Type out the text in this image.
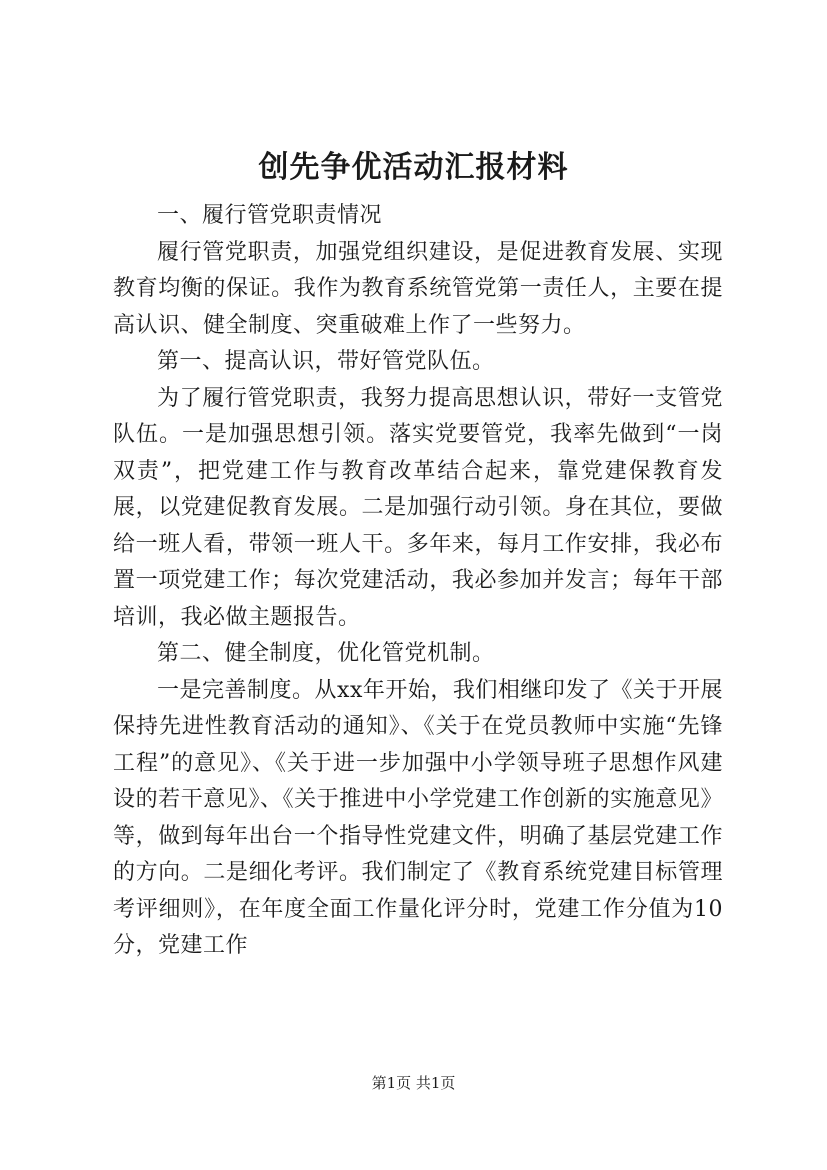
创先争优活动汇报材料

一、履行管党职责情况

履行管党职责，加强党组织建设，是促进教育发展、实现教育均衡的保证。我作为教育系统管党第一责任人，主要在提高认识、健全制度、突重破难上作了一些努力。

第一、提高认识，带好管党队伍。

为了履行管党职责，我努力提高思想认识，带好一支管党队伍。一是加强思想引领。落实党要管党，我率先做到“一岗双责”，把党建工作与教育改革结合起来，靠党建保教育发展，以党建促教育发展。二是加强行动引领。身在其位，要做给一班人看，带领一班人干。多年来，每月工作安排，我必布置一项党建工作；每次党建活动，我必参加并发言；每年干部培训，我必做主题报告。

第二、健全制度，优化管党机制。

一是完善制度。从xx年开始，我们相继印发了《关于开展保持先进性教育活动的通知》、《关于在党员教师中实施“先锋工程”的意见》、《关于进一步加强中小学领导班子思想作风建设的若干意见》、《关于推进中小学党建工作创新的实施意见》等，做到每年出台一个指导性党建文件，明确了基层党建工作的方向。二是细化考评。我们制定了《教育系统党建目标管理考评细则》，在年度全面工作量化评分时，党建工作分值为10分，党建工作

第1页 共1页
